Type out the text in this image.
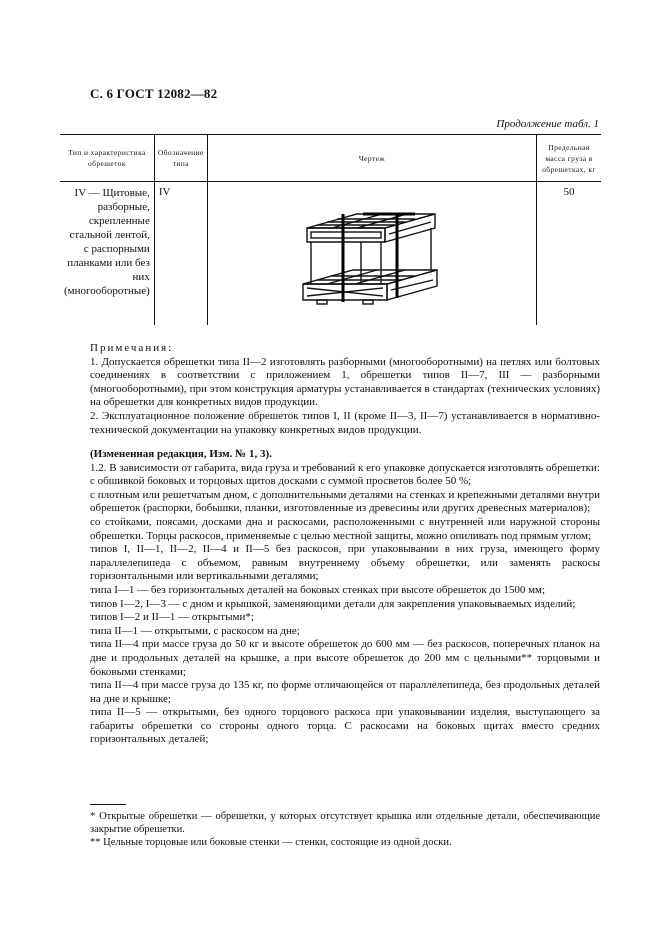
С. 6 ГОСТ 12082—82
Продолжение табл. 1
Тип и характеристика обрешеток	Обозначение типа	Чертеж	Предельная масса груза в обрешетках, кг
IV — Щитовые, разборные, скрепленные стальной лентой, с распорными планками или без них (многооборотные)	IV		50

Примечания:

1. Допускается обрешетки типа II—2 изготовлять разборными (многооборотными) на петлях или болтовых соединениях в соответствии с приложением 1, обрешетки типов II—7, III — разборными (многооборотными), при этом конструкция арматуры устанавливается в стандартах (технических условиях) на обрешетки для конкретных видов продукции.

2. Эксплуатационное положение обрешеток типов I, II (кроме II—3, II—7) устанавливается в нормативно-технической документации на упаковку конкретных видов продукции.

(Измененная редакция, Изм. № 1, 3).

1.2. В зависимости от габарита, вида груза и требований к его упаковке допускается изготовлять обрешетки:

с обшивкой боковых и торцовых щитов досками с суммой просветов более 50 %;

с плотным или решетчатым дном, с дополнительными деталями на стенках и крепежными деталями внутри обрешеток (распорки, бобышки, планки, изготовленные из древесины или других древесных материалов);

со стойками, поясами, досками дна и раскосами, расположенными с внутренней или наружной стороны обрешетки. Торцы раскосов, применяемые с целью местной защиты, можно опиливать под прямым углом;

типов I, II—1, II—2, II—4 и II—5 без раскосов, при упаковывании в них груза, имеющего форму параллелепипеда с объемом, равным внутреннему объему обрешетки, или заменять раскосы горизонтальными или вертикальными деталями;

типа I—1 — без горизонтальных деталей на боковых стенках при высоте обрешеток до 1500 мм;

типов I—2, I—3 — с дном и крышкой, заменяющими детали для закрепления упаковываемых изделий;

типов I—2 и II—1 — открытыми*;

типа II—1 — открытыми, с раскосом на дне;

типа II—4 при массе груза до 50 кг и высоте обрешеток до 600 мм — без раскосов, поперечных планок на дне и продольных деталей на крышке, а при высоте обрешеток до 200 мм с цельными** торцовыми и боковыми стенками;

типа II—4 при массе груза до 135 кг, по форме отличающейся от параллелепипеда, без продольных деталей на дне и крышке;

типа II—5 — открытыми, без одного торцового раскоса при упаковывании изделия, выступающего за габариты обрешетки со стороны одного торца. С раскосами на боковых щитах вместо средних горизонтальных деталей;

* Открытые обрешетки — обрешетки, у которых отсутствует крышка или отдельные детали, обеспечивающие закрытие обрешетки.

** Цельные торцовые или боковые стенки — стенки, состоящие из одной доски.
